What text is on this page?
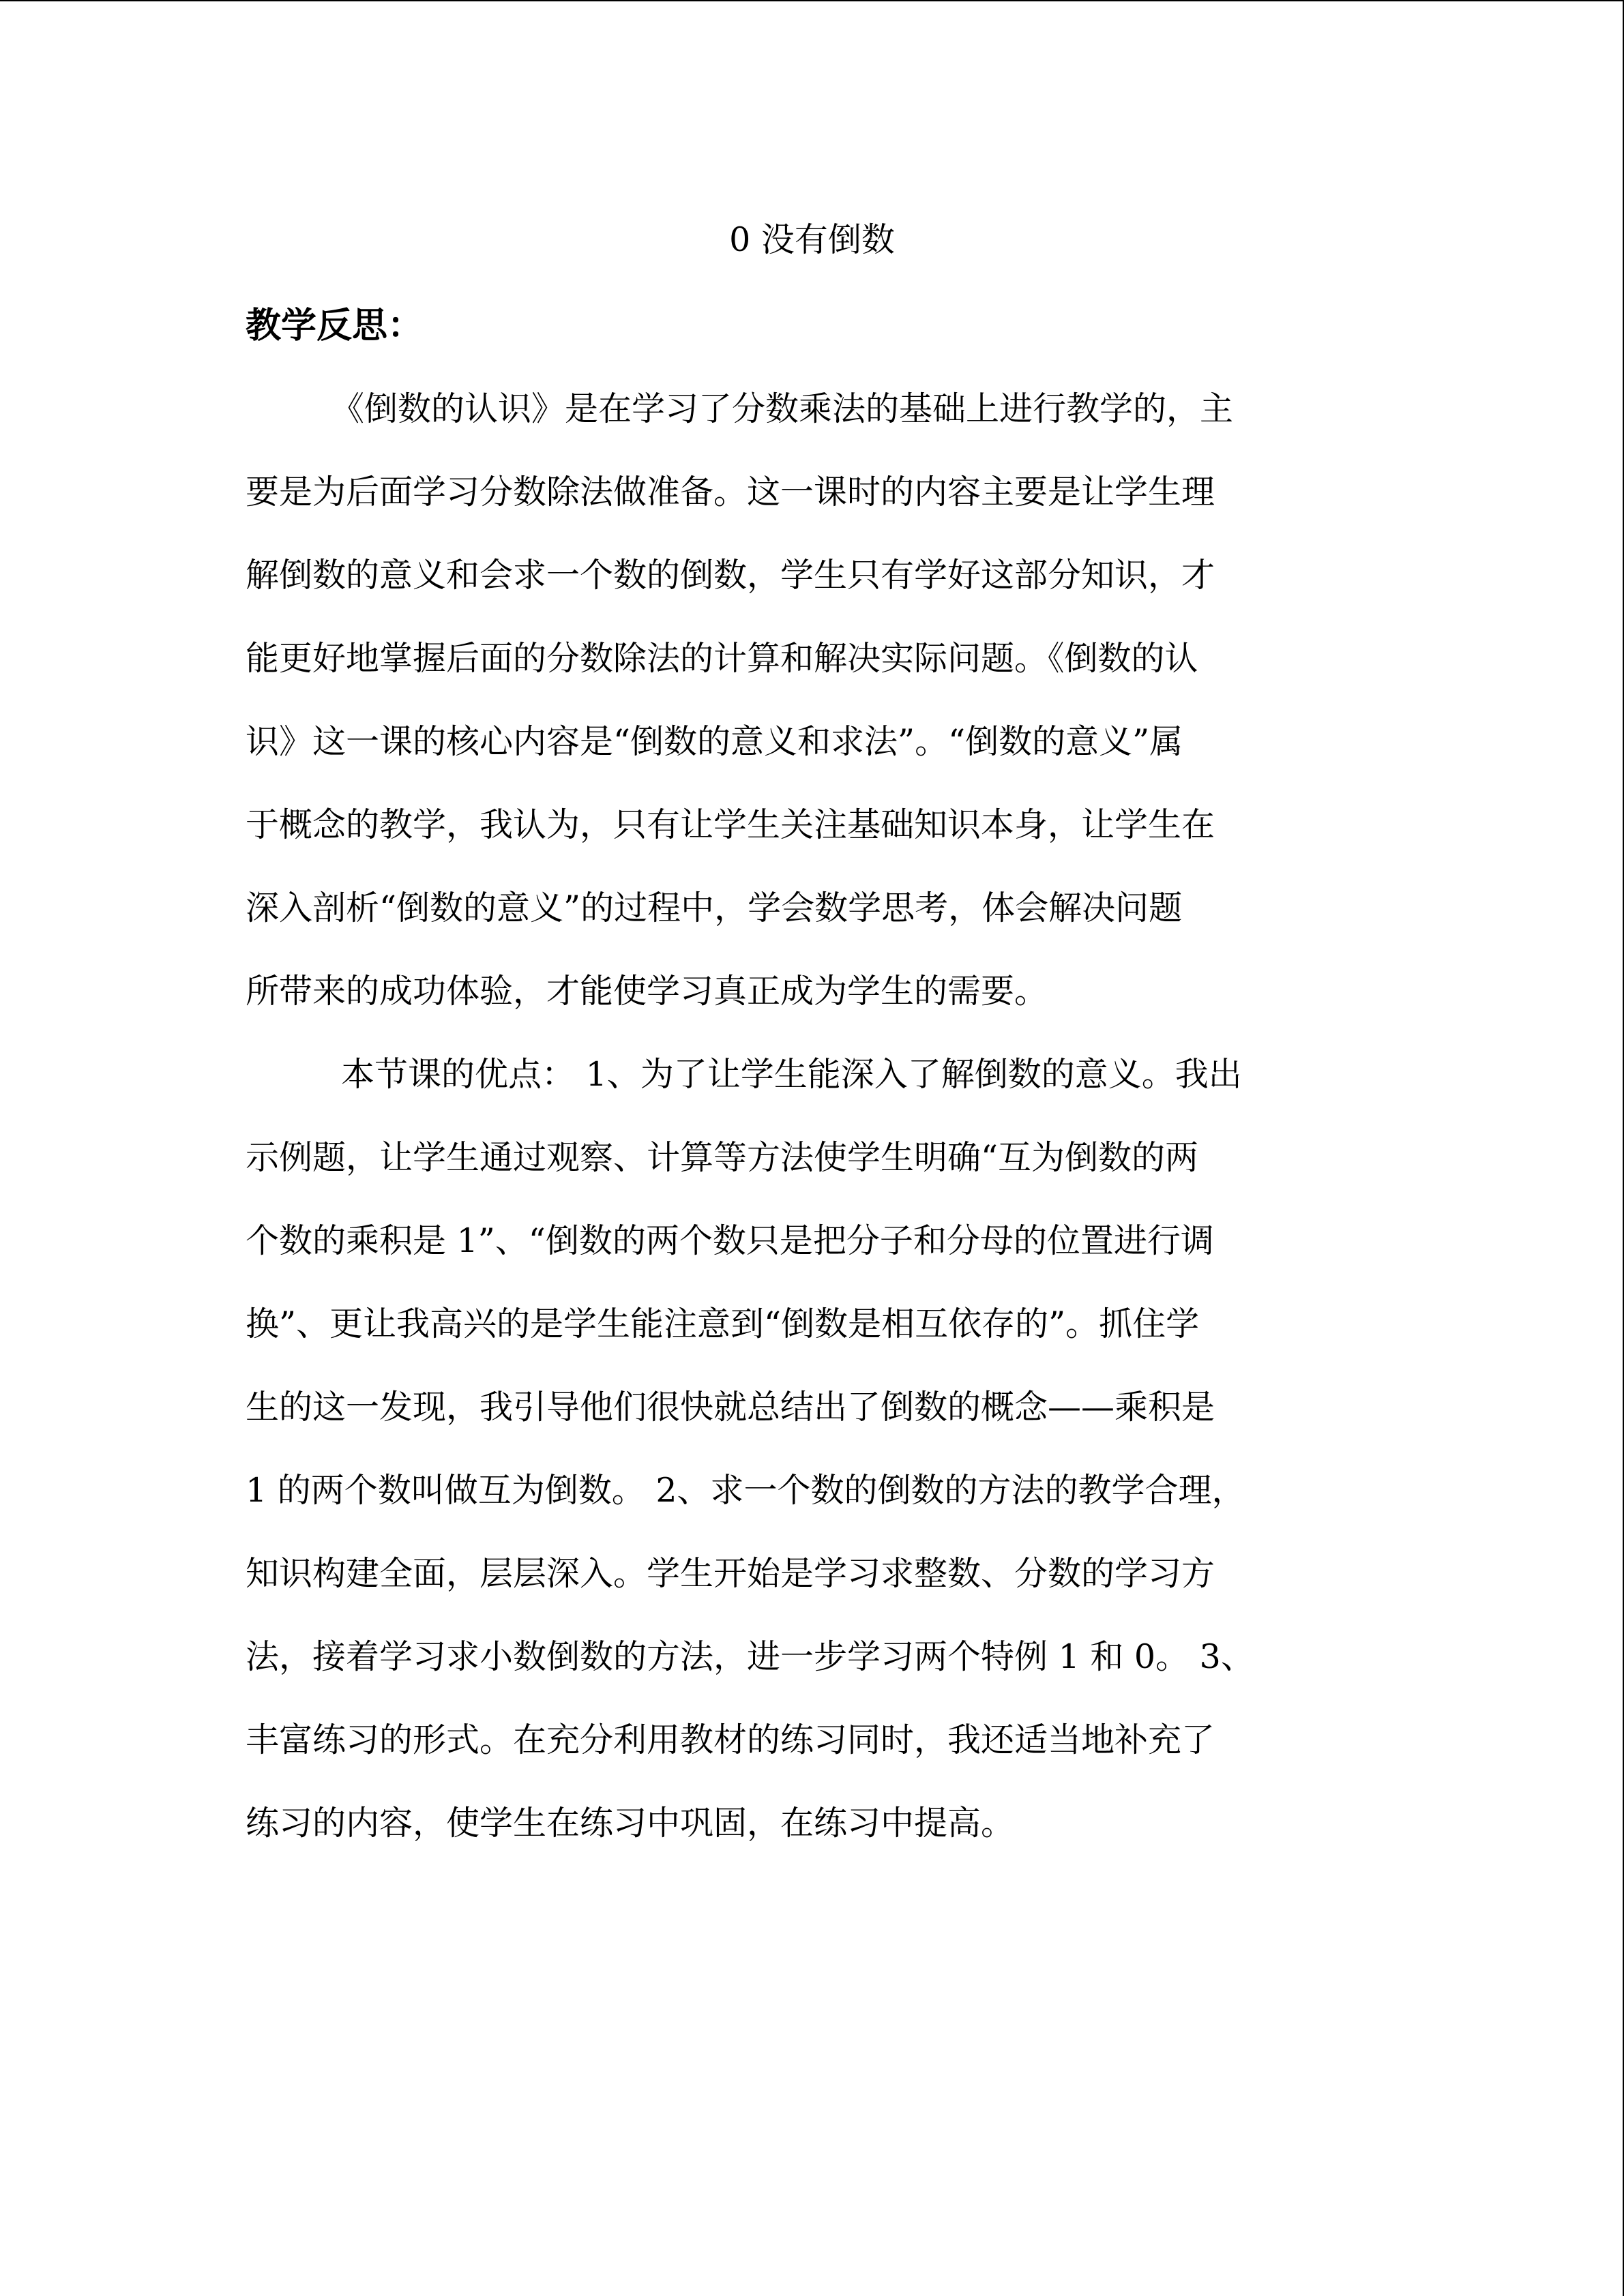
0 没有倒数
教学反思：
《倒数的认识》是在学习了分数乘法的基础上进行教学的，主
要是为后面学习分数除法做准备。这一课时的内容主要是让学生理
解倒数的意义和会求一个数的倒数，学生只有学好这部分知识，才
能更好地掌握后面的分数除法的计算和解决实际问题。《倒数的认
识》这一课的核心内容是“倒数的意义和求法”。“倒数的意义”属
于概念的教学，我认为，只有让学生关注基础知识本身，让学生在
深入剖析“倒数的意义”的过程中，学会数学思考，体会解决问题
所带来的成功体验，才能使学习真正成为学生的需要。
本节课的优点： 1、为了让学生能深入了解倒数的意义。我出
示例题，让学生通过观察、计算等方法使学生明确“互为倒数的两
个数的乘积是 1”、“倒数的两个数只是把分子和分母的位置进行调
换”、更让我高兴的是学生能注意到“倒数是相互依存的”。抓住学
生的这一发现，我引导他们很快就总结出了倒数的概念——乘积是
1 的两个数叫做互为倒数。 2、求一个数的倒数的方法的教学合理，
知识构建全面，层层深入。学生开始是学习求整数、分数的学习方
法，接着学习求小数倒数的方法，进一步学习两个特例 1 和 0。 3、
丰富练习的形式。在充分利用教材的练习同时，我还适当地补充了
练习的内容，使学生在练习中巩固，在练习中提高。
